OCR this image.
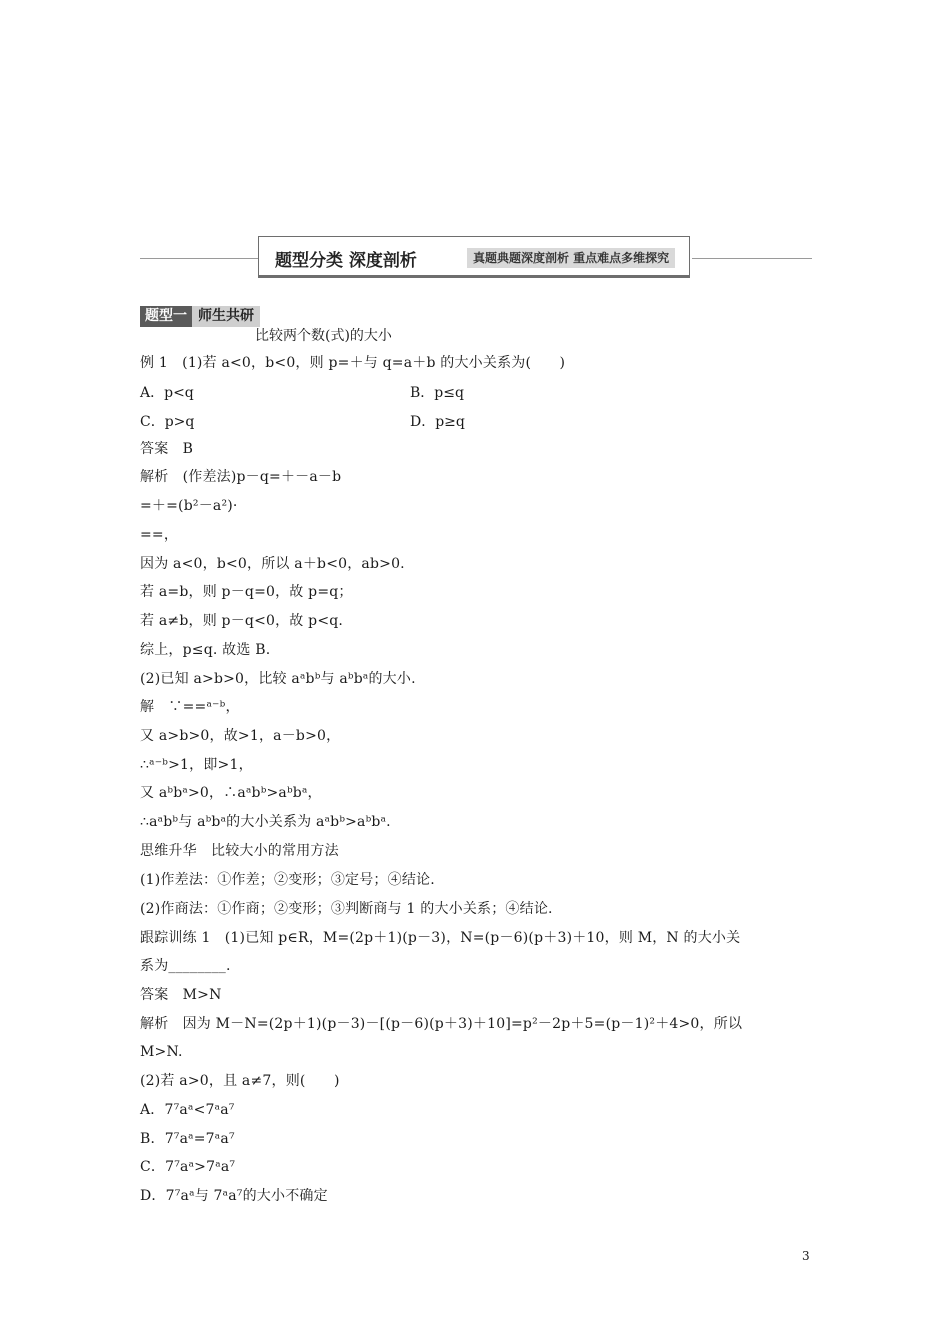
题型分类 深度剖析	真题典题深度剖析 重点难点多维探究
题型一 师生共研
比较两个数(式)的大小
例 1　(1)若 a<0，b<0，则 p=＋与 q=a＋b 的大小关系为(　　)
A．p<q	B．p≤q
C．p>q	D．p≥q
答案　B
解析　(作差法)p－q=＋－a－b
=＋=(b²－a²)·
==，
因为 a<0，b<0，所以 a＋b<0，ab>0.
若 a=b，则 p－q=0，故 p=q；
若 a≠b，则 p－q<0，故 p<q.
综上，p≤q. 故选 B.
(2)已知 a>b>0，比较 aᵃbᵇ与 aᵇbᵃ的大小.
解　∵==ᵃ⁻ᵇ，
又 a>b>0，故>1，a－b>0，
∴ᵃ⁻ᵇ>1，即>1，
又 aᵇbᵃ>0，∴aᵃbᵇ>aᵇbᵃ，
∴aᵃbᵇ与 aᵇbᵃ的大小关系为 aᵃbᵇ>aᵇbᵃ.
思维升华　比较大小的常用方法
(1)作差法：①作差；②变形；③定号；④结论.
(2)作商法：①作商；②变形；③判断商与 1 的大小关系；④结论.
跟踪训练 1　(1)已知 p∈R，M=(2p＋1)(p－3)，N=(p－6)(p＋3)＋10，则 M，N 的大小关
系为________.
答案　M>N
解析　因为 M－N=(2p＋1)(p－3)－[(p－6)(p＋3)＋10]=p²－2p＋5=(p－1)²＋4>0，所以
M>N.
(2)若 a>0，且 a≠7，则(　　)
A．7⁷aᵃ<7ᵃa⁷
B．7⁷aᵃ=7ᵃa⁷
C．7⁷aᵃ>7ᵃa⁷
D．7⁷aᵃ与 7ᵃa⁷的大小不确定
3
